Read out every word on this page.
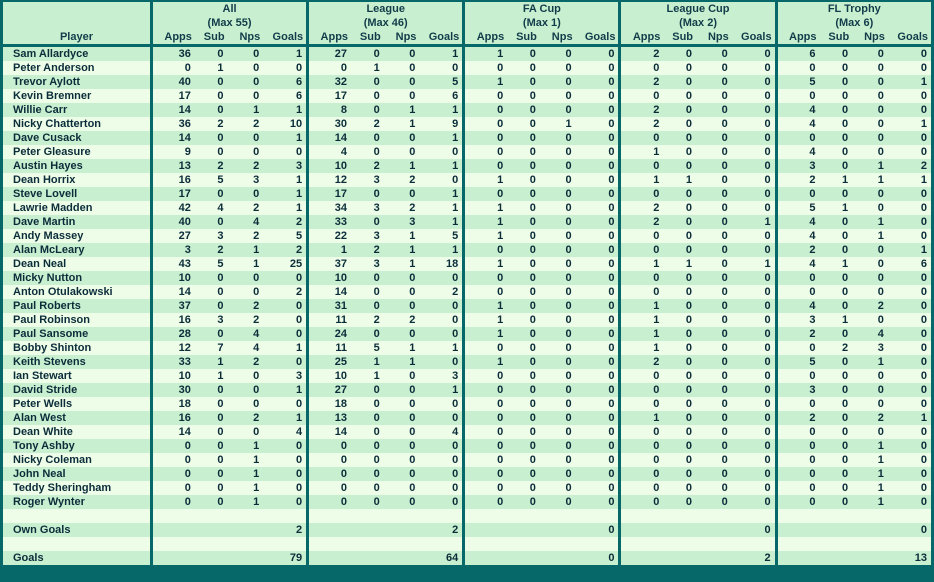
	All				League				FA Cup				League Cup				FL Trophy			
	(Max 55)				(Max 46)				(Max 1)				(Max 2)				(Max 6)			
Player	Apps	Sub	Nps	Goals	Apps	Sub	Nps	Goals	Apps	Sub	Nps	Goals	Apps	Sub	Nps	Goals	Apps	Sub	Nps	Goals
Sam Allardyce	36	0	0	1	27	0	0	1	1	0	0	0	2	0	0	0	6	0	0	0
Peter Anderson	0	1	0	0	0	1	0	0	0	0	0	0	0	0	0	0	0	0	0	0
Trevor Aylott	40	0	0	6	32	0	0	5	1	0	0	0	2	0	0	0	5	0	0	1
Kevin Bremner	17	0	0	6	17	0	0	6	0	0	0	0	0	0	0	0	0	0	0	0
Willie Carr	14	0	1	1	8	0	1	1	0	0	0	0	2	0	0	0	4	0	0	0
Nicky Chatterton	36	2	2	10	30	2	1	9	0	0	1	0	2	0	0	0	4	0	0	1
Dave Cusack	14	0	0	1	14	0	0	1	0	0	0	0	0	0	0	0	0	0	0	0
Peter Gleasure	9	0	0	0	4	0	0	0	0	0	0	0	1	0	0	0	4	0	0	0
Austin Hayes	13	2	2	3	10	2	1	1	0	0	0	0	0	0	0	0	3	0	1	2
Dean Horrix	16	5	3	1	12	3	2	0	1	0	0	0	1	1	0	0	2	1	1	1
Steve Lovell	17	0	0	1	17	0	0	1	0	0	0	0	0	0	0	0	0	0	0	0
Lawrie Madden	42	4	2	1	34	3	2	1	1	0	0	0	2	0	0	0	5	1	0	0
Dave Martin	40	0	4	2	33	0	3	1	1	0	0	0	2	0	0	1	4	0	1	0
Andy Massey	27	3	2	5	22	3	1	5	1	0	0	0	0	0	0	0	4	0	1	0
Alan McLeary	3	2	1	2	1	2	1	1	0	0	0	0	0	0	0	0	2	0	0	1
Dean Neal	43	5	1	25	37	3	1	18	1	0	0	0	1	1	0	1	4	1	0	6
Micky Nutton	10	0	0	0	10	0	0	0	0	0	0	0	0	0	0	0	0	0	0	0
Anton Otulakowski	14	0	0	2	14	0	0	2	0	0	0	0	0	0	0	0	0	0	0	0
Paul Roberts	37	0	2	0	31	0	0	0	1	0	0	0	1	0	0	0	4	0	2	0
Paul Robinson	16	3	2	0	11	2	2	0	1	0	0	0	1	0	0	0	3	1	0	0
Paul Sansome	28	0	4	0	24	0	0	0	1	0	0	0	1	0	0	0	2	0	4	0
Bobby Shinton	12	7	4	1	11	5	1	1	0	0	0	0	1	0	0	0	0	2	3	0
Keith Stevens	33	1	2	0	25	1	1	0	1	0	0	0	2	0	0	0	5	0	1	0
Ian Stewart	10	1	0	3	10	1	0	3	0	0	0	0	0	0	0	0	0	0	0	0
David Stride	30	0	0	1	27	0	0	1	0	0	0	0	0	0	0	0	3	0	0	0
Peter Wells	18	0	0	0	18	0	0	0	0	0	0	0	0	0	0	0	0	0	0	0
Alan West	16	0	2	1	13	0	0	0	0	0	0	0	1	0	0	0	2	0	2	1
Dean White	14	0	0	4	14	0	0	4	0	0	0	0	0	0	0	0	0	0	0	0
Tony Ashby	0	0	1	0	0	0	0	0	0	0	0	0	0	0	0	0	0	0	1	0
Nicky Coleman	0	0	1	0	0	0	0	0	0	0	0	0	0	0	0	0	0	0	1	0
John Neal	0	0	1	0	0	0	0	0	0	0	0	0	0	0	0	0	0	0	1	0
Teddy Sheringham	0	0	1	0	0	0	0	0	0	0	0	0	0	0	0	0	0	0	1	0
Roger Wynter	0	0	1	0	0	0	0	0	0	0	0	0	0	0	0	0	0	0	1	0

Own Goals				2				2				0				0				0

Goals				79				64				0				2				13
